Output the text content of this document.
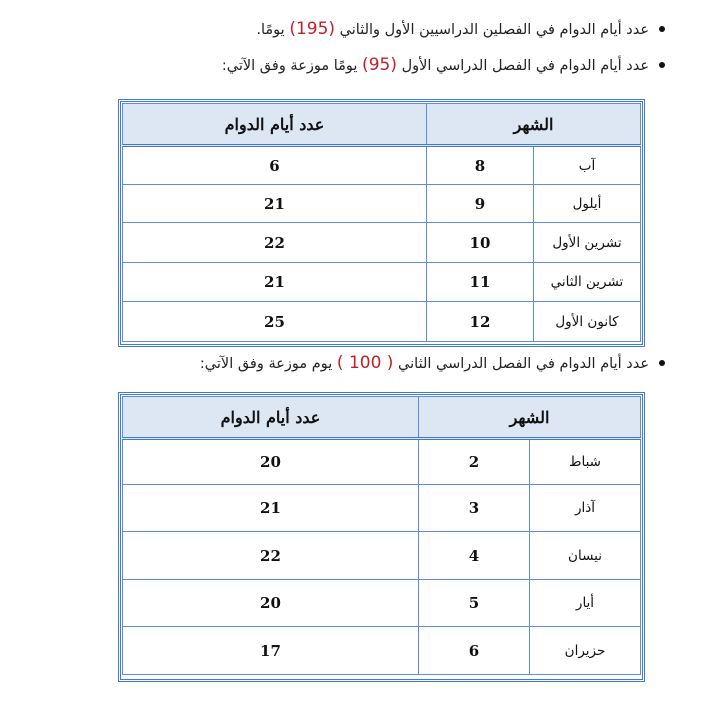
عدد أيام الدوام في الفصلين الدراسيين الأول والثاني (195) يومًا.
عدد أيام الدوام في الفصل الدراسي الأول (95) يومًا موزعة وفق الآتي:
الشهر		عدد أيام الدوام
آب	8	6
أيلول	9	21
تشرين الأول	10	22
تشرين الثاني	11	21
كانون الأول	12	25
عدد أيام الدوام في الفصل الدراسي الثاني ( 100 ) يوم موزعة وفق الآتي:
الشهر		عدد أيام الدوام
شباط	2	20
آذار	3	21
نيسان	4	22
أيار	5	20
حزيران	6	17
